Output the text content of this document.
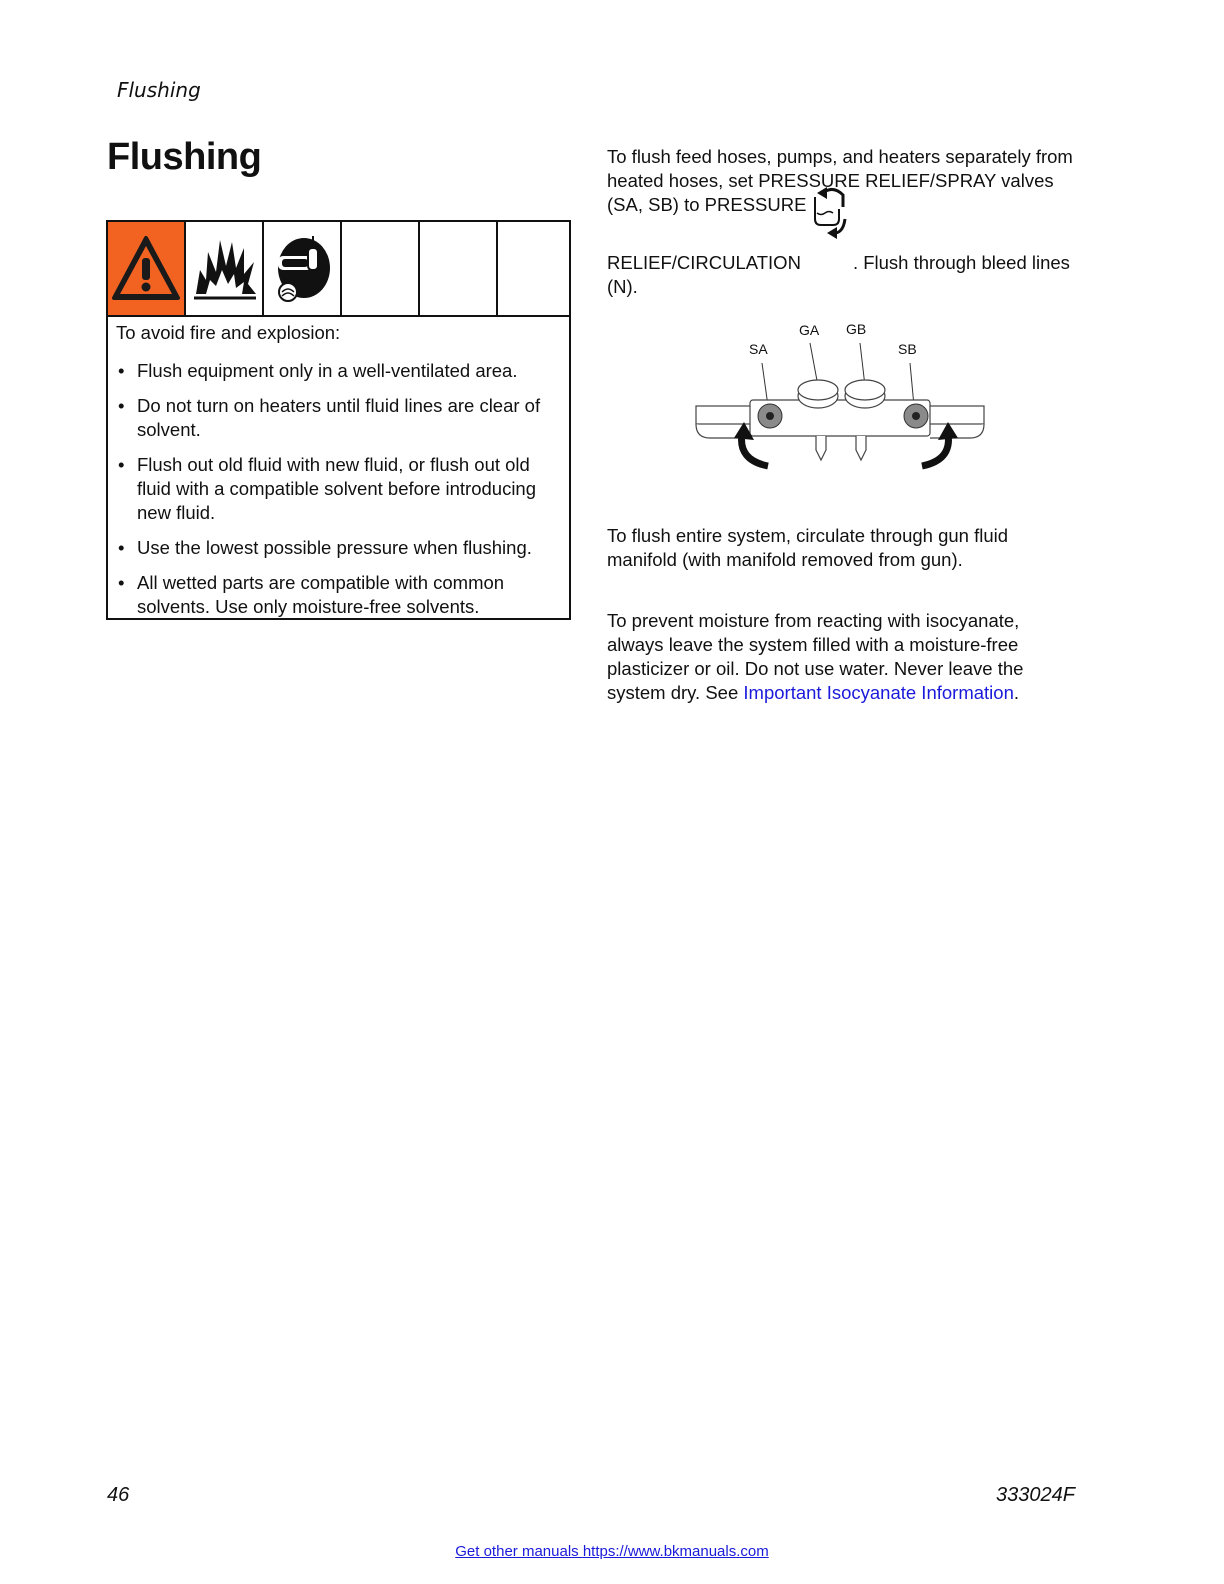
Flushing
Flushing
To avoid fire and explosion:
• Flush equipment only in a well-ventilated area.
• Do not turn on heaters until fluid lines are clear of solvent.
• Flush out old fluid with new fluid, or flush out old fluid with a compatible solvent before introducing new fluid.
• Use the lowest possible pressure when flushing.
• All wetted parts are compatible with common solvents. Use only moisture-free solvents.
To flush feed hoses, pumps, and heaters separately from heated hoses, set PRESSURE RELIEF/SPRAY valves (SA, SB) to PRESSURE
RELIEF/CIRCULATION	. Flush through bleed lines (N).
GA GB
SA	SB
To flush entire system, circulate through gun fluid manifold (with manifold removed from gun).
To prevent moisture from reacting with isocyanate, always leave the system filled with a moisture-free plasticizer or oil. Do not use water. Never leave the system dry. See Important Isocyanate Information.
46	333024F
Get other manuals https://www.bkmanuals.com
